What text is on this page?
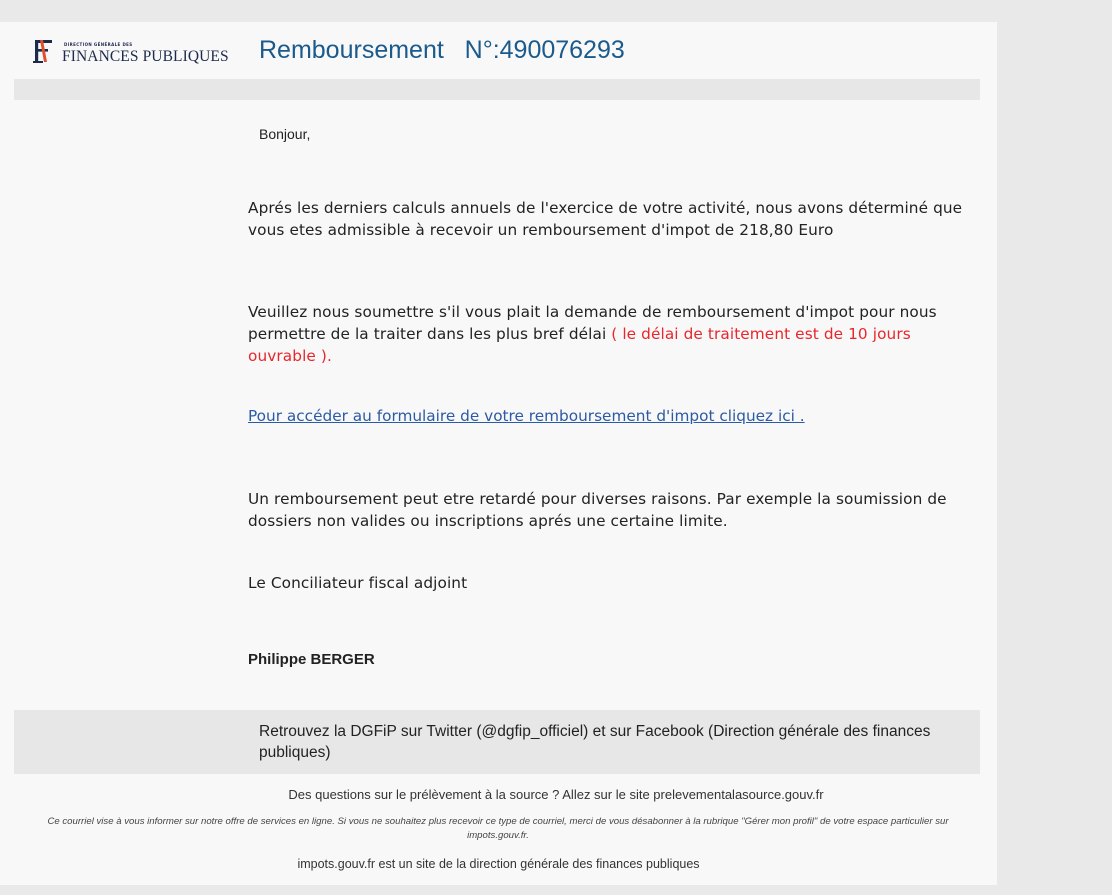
DIRECTION GÉNÉRALE DES
FINANCES PUBLIQUES Remboursement   N°:490076293
Bonjour,
Aprés les derniers calculs annuels de l'exercice de votre activité, nous avons déterminé que vous etes admissible à recevoir un remboursement d'impot de 218,80 Euro
Veuillez nous soumettre s'il vous plait la demande de remboursement d'impot pour nous permettre de la traiter dans les plus bref délai ( le délai de traitement est de 10 jours ouvrable ).
Pour accéder au formulaire de votre remboursement d'impot cliquez ici .
Un remboursement peut etre retardé pour diverses raisons. Par exemple la soumission de dossiers non valides ou inscriptions aprés une certaine limite.
Le Conciliateur fiscal adjoint
Philippe BERGER
Retrouvez la DGFiP sur Twitter (@dgfip_officiel) et sur Facebook (Direction générale des finances publiques)
Des questions sur le prélèvement à la source ? Allez sur le site prelevementalasource.gouv.fr
Ce courriel vise à vous informer sur notre offre de services en ligne. Si vous ne souhaitez plus recevoir ce type de courriel, merci de vous désabonner à la rubrique "Gérer mon profil" de votre espace particulier sur impots.gouv.fr.
impots.gouv.fr est un site de la direction générale des finances publiques
